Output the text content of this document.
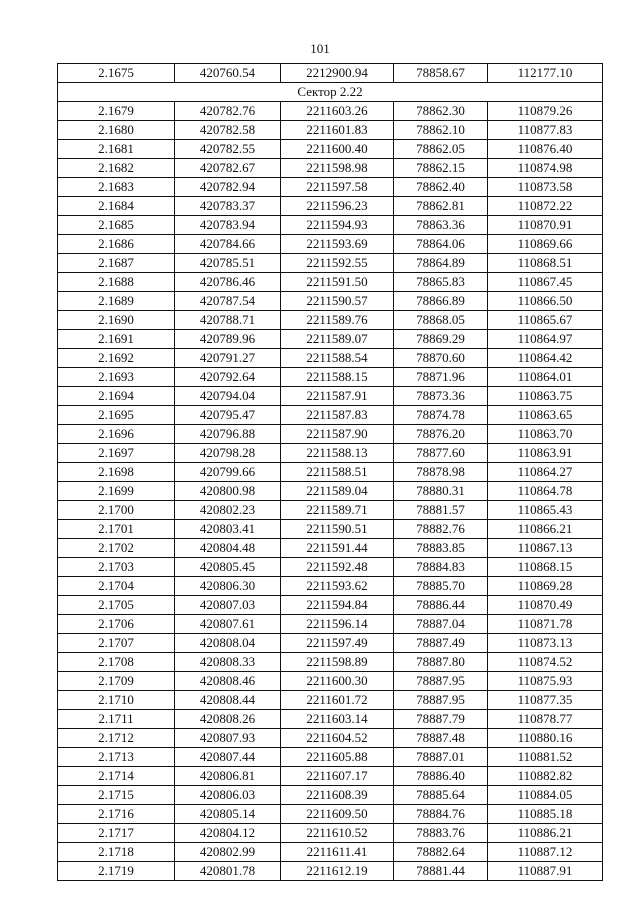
101
2.1675	420760.54	2212900.94	78858.67	112177.10
Сектор 2.22				
2.1679	420782.76	2211603.26	78862.30	110879.26
2.1680	420782.58	2211601.83	78862.10	110877.83
2.1681	420782.55	2211600.40	78862.05	110876.40
2.1682	420782.67	2211598.98	78862.15	110874.98
2.1683	420782.94	2211597.58	78862.40	110873.58
2.1684	420783.37	2211596.23	78862.81	110872.22
2.1685	420783.94	2211594.93	78863.36	110870.91
2.1686	420784.66	2211593.69	78864.06	110869.66
2.1687	420785.51	2211592.55	78864.89	110868.51
2.1688	420786.46	2211591.50	78865.83	110867.45
2.1689	420787.54	2211590.57	78866.89	110866.50
2.1690	420788.71	2211589.76	78868.05	110865.67
2.1691	420789.96	2211589.07	78869.29	110864.97
2.1692	420791.27	2211588.54	78870.60	110864.42
2.1693	420792.64	2211588.15	78871.96	110864.01
2.1694	420794.04	2211587.91	78873.36	110863.75
2.1695	420795.47	2211587.83	78874.78	110863.65
2.1696	420796.88	2211587.90	78876.20	110863.70
2.1697	420798.28	2211588.13	78877.60	110863.91
2.1698	420799.66	2211588.51	78878.98	110864.27
2.1699	420800.98	2211589.04	78880.31	110864.78
2.1700	420802.23	2211589.71	78881.57	110865.43
2.1701	420803.41	2211590.51	78882.76	110866.21
2.1702	420804.48	2211591.44	78883.85	110867.13
2.1703	420805.45	2211592.48	78884.83	110868.15
2.1704	420806.30	2211593.62	78885.70	110869.28
2.1705	420807.03	2211594.84	78886.44	110870.49
2.1706	420807.61	2211596.14	78887.04	110871.78
2.1707	420808.04	2211597.49	78887.49	110873.13
2.1708	420808.33	2211598.89	78887.80	110874.52
2.1709	420808.46	2211600.30	78887.95	110875.93
2.1710	420808.44	2211601.72	78887.95	110877.35
2.1711	420808.26	2211603.14	78887.79	110878.77
2.1712	420807.93	2211604.52	78887.48	110880.16
2.1713	420807.44	2211605.88	78887.01	110881.52
2.1714	420806.81	2211607.17	78886.40	110882.82
2.1715	420806.03	2211608.39	78885.64	110884.05
2.1716	420805.14	2211609.50	78884.76	110885.18
2.1717	420804.12	2211610.52	78883.76	110886.21
2.1718	420802.99	2211611.41	78882.64	110887.12
2.1719	420801.78	2211612.19	78881.44	110887.91
